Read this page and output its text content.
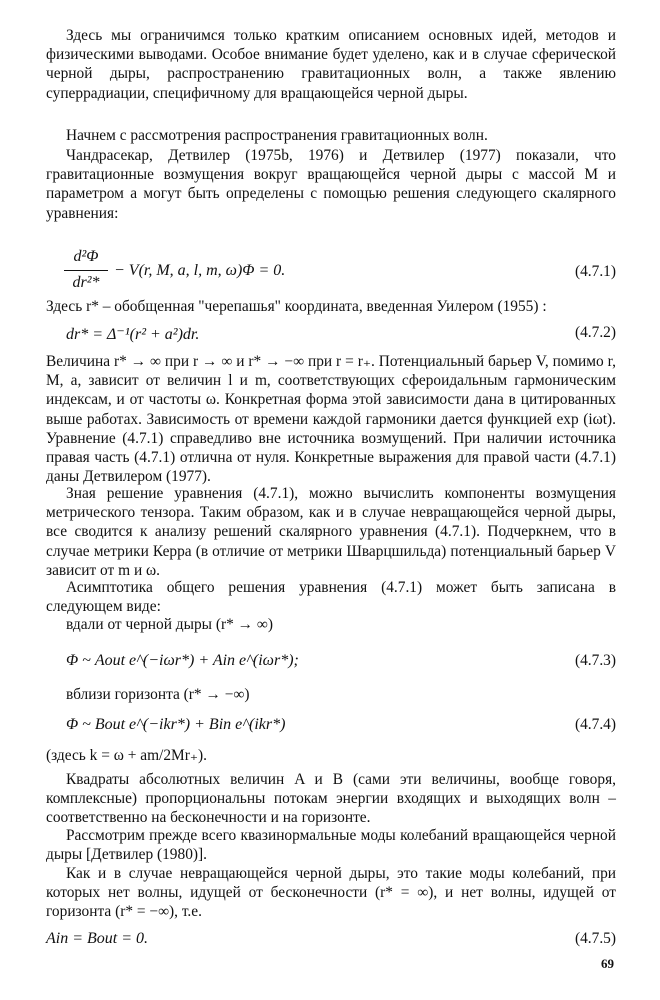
Здесь мы ограничимся только кратким описанием основных идей, методов и физическими выводами. Особое внимание будет уделено, как и в случае сферической черной дыры, распространению гравитационных волн, а также явлению суперрадиации, специфичному для вращающейся черной дыры.
Начнем с рассмотрения распространения гравитационных волн.
Чандрасекар, Детвилер (1975b, 1976) и Детвилер (1977) показали, что гравитационные возмущения вокруг вращающейся черной дыры с массой M и параметром a могут быть определены с помощью решения следующего скалярного уравнения:
d²Φ
dr²*
− V(r, M, a, l, m, ω)Φ = 0.	(4.7.1)
Здесь r* – обобщенная "черепашья" координата, введенная Уилером (1955) :
dr* = Δ⁻¹(r² + a²)dr.	(4.7.2)
Величина r* → ∞ при r → ∞ и r* → −∞ при r = r₊. Потенциальный барьер V, помимо r, M, a, зависит от величин l и m, соответствующих сфероидальным гармоническим индексам, и от частоты ω. Конкретная форма этой зависимости дана в цитированных выше работах. Зависимость от времени каждой гармоники дается функцией exp (iωt). Уравнение (4.7.1) справедливо вне источника возмущений. При наличии источника правая часть (4.7.1) отлична от нуля. Конкретные выражения для правой части (4.7.1) даны Детвилером (1977).
Зная решение уравнения (4.7.1), можно вычислить компоненты возмущения метрического тензора. Таким образом, как и в случае невращающейся черной дыры, все сводится к анализу решений скалярного уравнения (4.7.1). Подчеркнем, что в случае метрики Керра (в отличие от метрики Шварцшильда) потенциальный барьер V зависит от m и ω.
Асимптотика общего решения уравнения (4.7.1) может быть записана в следующем виде:
вдали от черной дыры (r* → ∞)
Φ ~ Aout e^(−iωr*) + Ain e^(iωr*);	(4.7.3)
вблизи горизонта (r* → −∞)
Φ ~ Bout e^(−ikr*) + Bin e^(ikr*)	(4.7.4)
(здесь k = ω + am/2Mr₊).
Квадраты абсолютных величин A и B (сами эти величины, вообще говоря, комплексные) пропорциональны потокам энергии входящих и выходящих волн – соответственно на бесконечности и на горизонте.
Рассмотрим прежде всего квазинормальные моды колебаний вращающейся черной дыры [Детвилер (1980)].
Как и в случае невращающейся черной дыры, это такие моды колебаний, при которых нет волны, идущей от бесконечности (r* = ∞), и нет волны, идущей от горизонта (r* = −∞), т.е.
Ain = Bout = 0.	(4.7.5)
69
